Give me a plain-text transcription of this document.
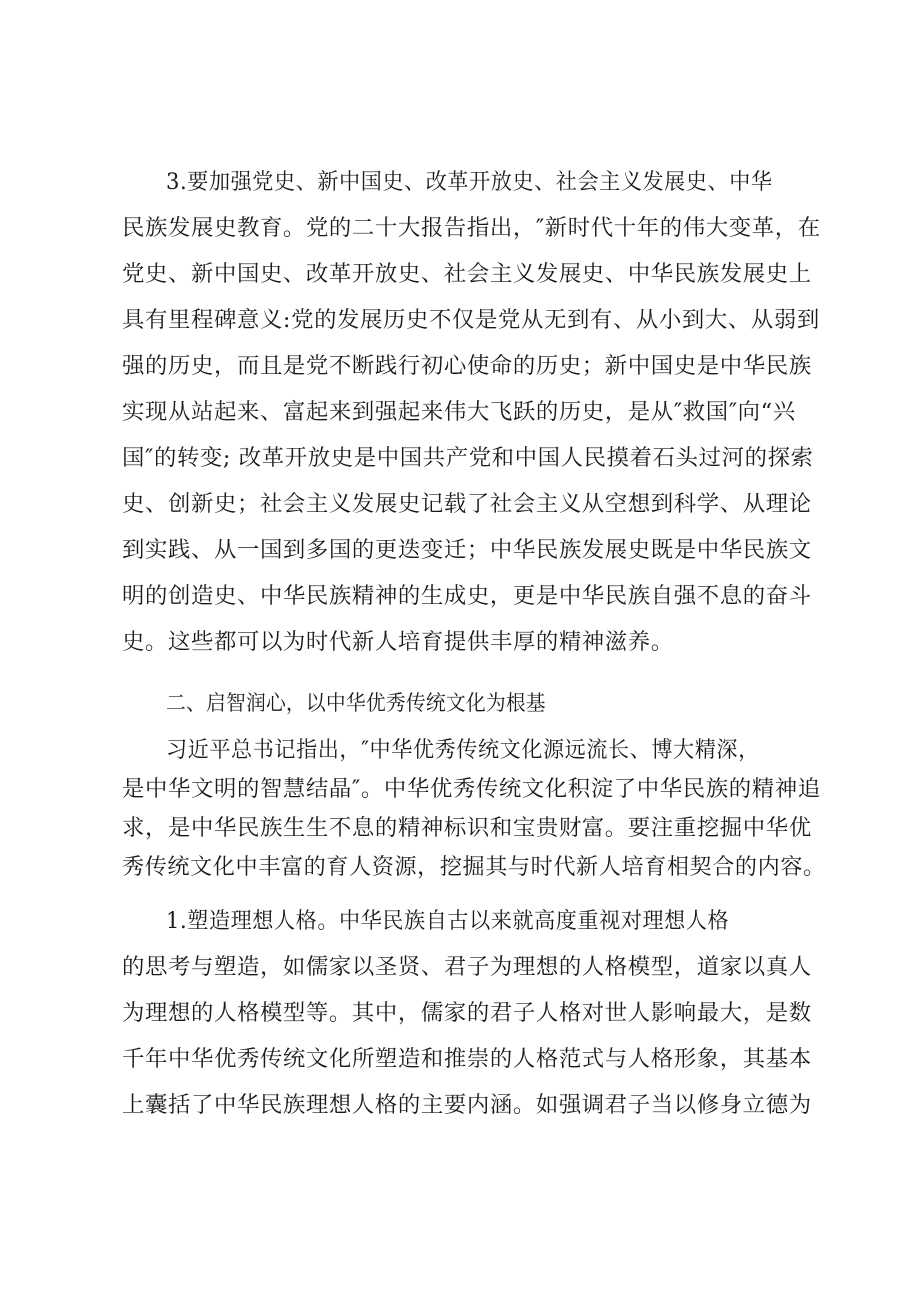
3.要加强党史、新中国史、改革开放史、社会主义发展史、中华
民族发展史教育。党的二十大报告指出，″新时代十年的伟大变革，在
党史、新中国史、改革开放史、社会主义发展史、中华民族发展史上
具有里程碑意义:党的发展历史不仅是党从无到有、从小到大、从弱到
强的历史，而且是党不断践行初心使命的历史；新中国史是中华民族
实现从站起来、富起来到强起来伟大飞跃的历史，是从″救国″向“兴
国″的转变; 改革开放史是中国共产党和中国人民摸着石头过河的探索
史、创新史；社会主义发展史记载了社会主义从空想到科学、从理论
到实践、从一国到多国的更迭变迁；中华民族发展史既是中华民族文
明的创造史、中华民族精神的生成史，更是中华民族自强不息的奋斗
史。这些都可以为时代新人培育提供丰厚的精神滋养。
二、启智润心，以中华优秀传统文化为根基
习近平总书记指出，″中华优秀传统文化源远流长、博大精深，
是中华文明的智慧结晶″。中华优秀传统文化积淀了中华民族的精神追
求，是中华民族生生不息的精神标识和宝贵财富。要注重挖掘中华优
秀传统文化中丰富的育人资源，挖掘其与时代新人培育相契合的内容。
1.塑造理想人格。中华民族自古以来就高度重视对理想人格
的思考与塑造，如儒家以圣贤、君子为理想的人格模型，道家以真人
为理想的人格模型等。其中，儒家的君子人格对世人影响最大，是数
千年中华优秀传统文化所塑造和推崇的人格范式与人格形象，其基本
上囊括了中华民族理想人格的主要内涵。如强调君子当以修身立德为
